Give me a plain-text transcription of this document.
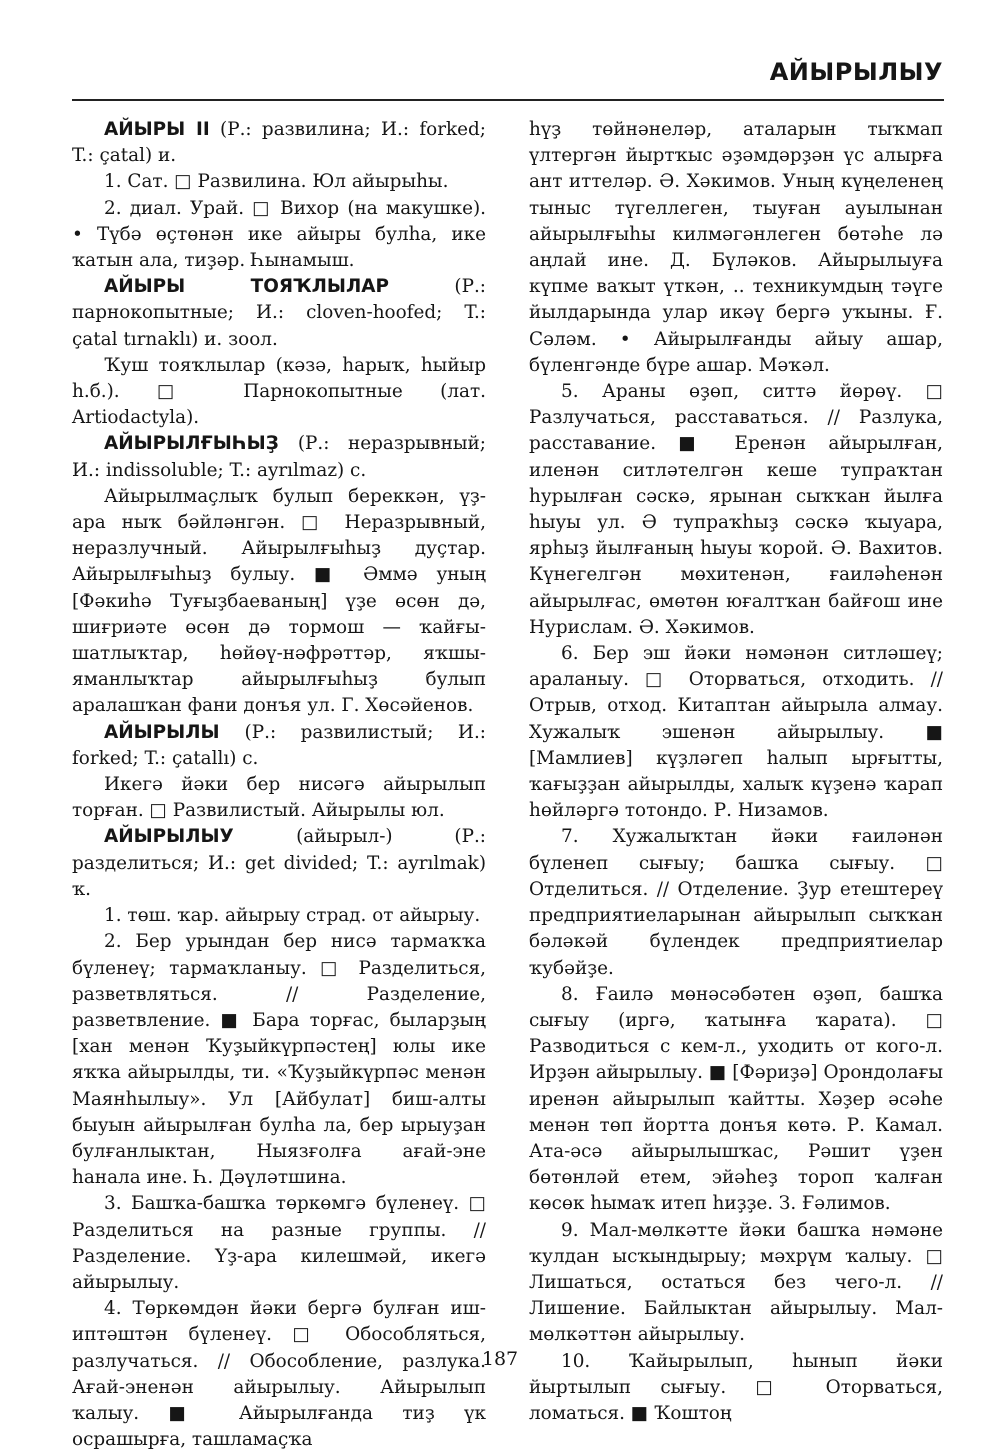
АЙЫРЫЛЫУ

АЙЫРЫ II (Р.: развилина; И.: forked; T.: çatal) и.

1. Сат. □ Развилина. Юл айырыһы.

2. диал. Урай. □ Вихор (на макушке). • Түбә өҫтөнән ике айыры булһа, ике ҡатын ала, тиҙәр. Һынамыш.

АЙЫРЫ ТОЯҠЛЫЛАР (Р.: парнокопытные; И.: cloven-hoofed; T.: çatal tırnaklı) и. зоол.

Ҡуш тояҡлылар (кәзә, һарыҡ, һыйыр һ.б.). □ Парнокопытные (лат. Artiodactyla).

АЙЫРЫЛҒЫҺЫҘ (Р.: неразрывный; И.: indissoluble; T.: ayrılmaz) с.

Айырылмаҫлыҡ булып береккән, үҙ-ара ныҡ бәйләнгән. □ Неразрывный, неразлучный. Айырылғыһыҙ дуҫтар. Айырылғыһыҙ булыу. ■ Әммә уның [Фәкиһә Туғыҙбаеваның] үҙе өсөн дә, шиғриәте өсөн дә тормош — ҡайғы-шатлыҡтар, һөйөү-нәфрәттәр, яҡшы-яманлыҡтар айырылғыһыҙ булып аралашҡан фани донъя ул. Г. Хөсәйенов.

АЙЫРЫЛЫ (Р.: развилистый; И.: forked; T.: çatallı) с.

Икегә йәки бер нисәгә айырылып торған. □ Развилистый. Айырылы юл.

АЙЫРЫЛЫУ (айырыл-) (Р.: разделиться; И.: get divided; T.: ayrılmak) ҡ.

1. төш. ҡар. айырыу страд. от айырыу.

2. Бер урындан бер нисә тармаҡҡа бүленеү; тармаҡланыу. □ Разделиться, разветвляться. // Разделение, разветвление. ■ Бара торғас, быларҙың [хан менән Ҡуҙыйкүрпәстең] юлы ике яҡҡа айырылды, ти. «Ҡуҙыйкүрпәс менән Маянһылыу». Ул [Айбулат] биш-алты быуын айырылған булһа ла, бер ырыуҙан булғанлыктан, Ныязғолға ағай-эне һанала ине. Һ. Дәүләтшина.

3. Башҡа-башҡа төркөмгә бүленеү. □ Разделиться на разные группы. // Разделение. Үҙ-ара килешмәй, икегә айырылыу.

4. Төркөмдән йәки бергә булған иш-иптәштән бүленеү. □ Обособляться, разлучаться. // Обособление, разлука. Ағай-эненән айырылыу. Айырылып ҡалыу. ■ Айырылғанда тиҙ үк осрашырға, ташламаҫҡа

һүҙ төйнәнеләр, аталарын тыҡмап үлтергән йыртҡыс әҙәмдәрҙән үс алырға ант иттеләр. Ә. Хәкимов. Уның күңеленең тыныс түгеллеген, тыуған ауылынан айырылғыһы килмәгәнлеген бөтәһе лә аңлай ине. Д. Бүләков. Айырылыуға күпме ваҡыт үткән, .. техникумдың тәүге йылдарында улар икәү бергә уҡыны. Ғ. Сәләм. • Айырылғанды айыу ашар, бүленгәнде бүре ашар. Мәҡәл.

5. Араны өҙөп, ситтә йөрөү. □ Разлучаться, расставаться. // Разлука, расставание. ■ Еренән айырылған, иленән ситләтелгән кеше тупраҡтан һурылған сәскә, ярынан сыҡҡан йылға һыуы ул. Ә тупраҡһыҙ сәскә ҡыуара, ярһыҙ йылғаның һыуы ҡорой. Ә. Вахитов. Күнегелгән мөхитенән, ғаиләһенән айырылғас, өмөтөн юғалтҡан байғош ине Нурислам. Ә. Хәкимов.

6. Бер эш йәки нәмәнән ситләшеү; араланыу. □ Оторваться, отходить. // Отрыв, отход. Китаптан айырыла алмау. Хужалыҡ эшенән айырылыу. ■ [Мамлиев] күҙләгеп һалып ырғытты, ҡағыҙҙан айырылды, халыҡ күҙенә ҡарап һөйләргә тотондо. Р. Низамов.

7. Хужалыҡтан йәки ғаиләнән бүленеп сығыу; башҡа сығыу. □ Отделиться. // Отделение. Ҙур етештереү предприятиеларынан айырылып сыҡҡан бәләкәй бүлендек предприятиелар ҡубәйҙе.

8. Ғаилә мөнәсәбәтен өҙөп, башҡа сығыу (иргә, ҡатынға ҡарата). □ Разводиться с кем-л., уходить от кого-л. Ирҙән айырылыу. ■ [Фәриҙә] Орондолағы иренән айырылып ҡайтты. Хәҙер әсәһе менән төп йортта донъя көтә. Р. Камал. Ата-әсә айырылышҡас, Рәшит үҙен бөтөнләй етем, эйәһеҙ тороп ҡалған көсөк һымаҡ итеп һиҙҙе. З. Ғәлимов.

9. Мал-мөлкәтте йәки башҡа нәмәне ҡулдан ысҡындырыу; мәхрүм ҡалыу. □ Лишаться, остаться без чего-л. // Лишение. Байлыктан айырылыу. Мал-мөлкәттән айырылыу.

10. Ҡайырылып, һынып йәки йыртылып сығыу. □ Оторваться, ломаться. ■ Ҡоштоң

187
